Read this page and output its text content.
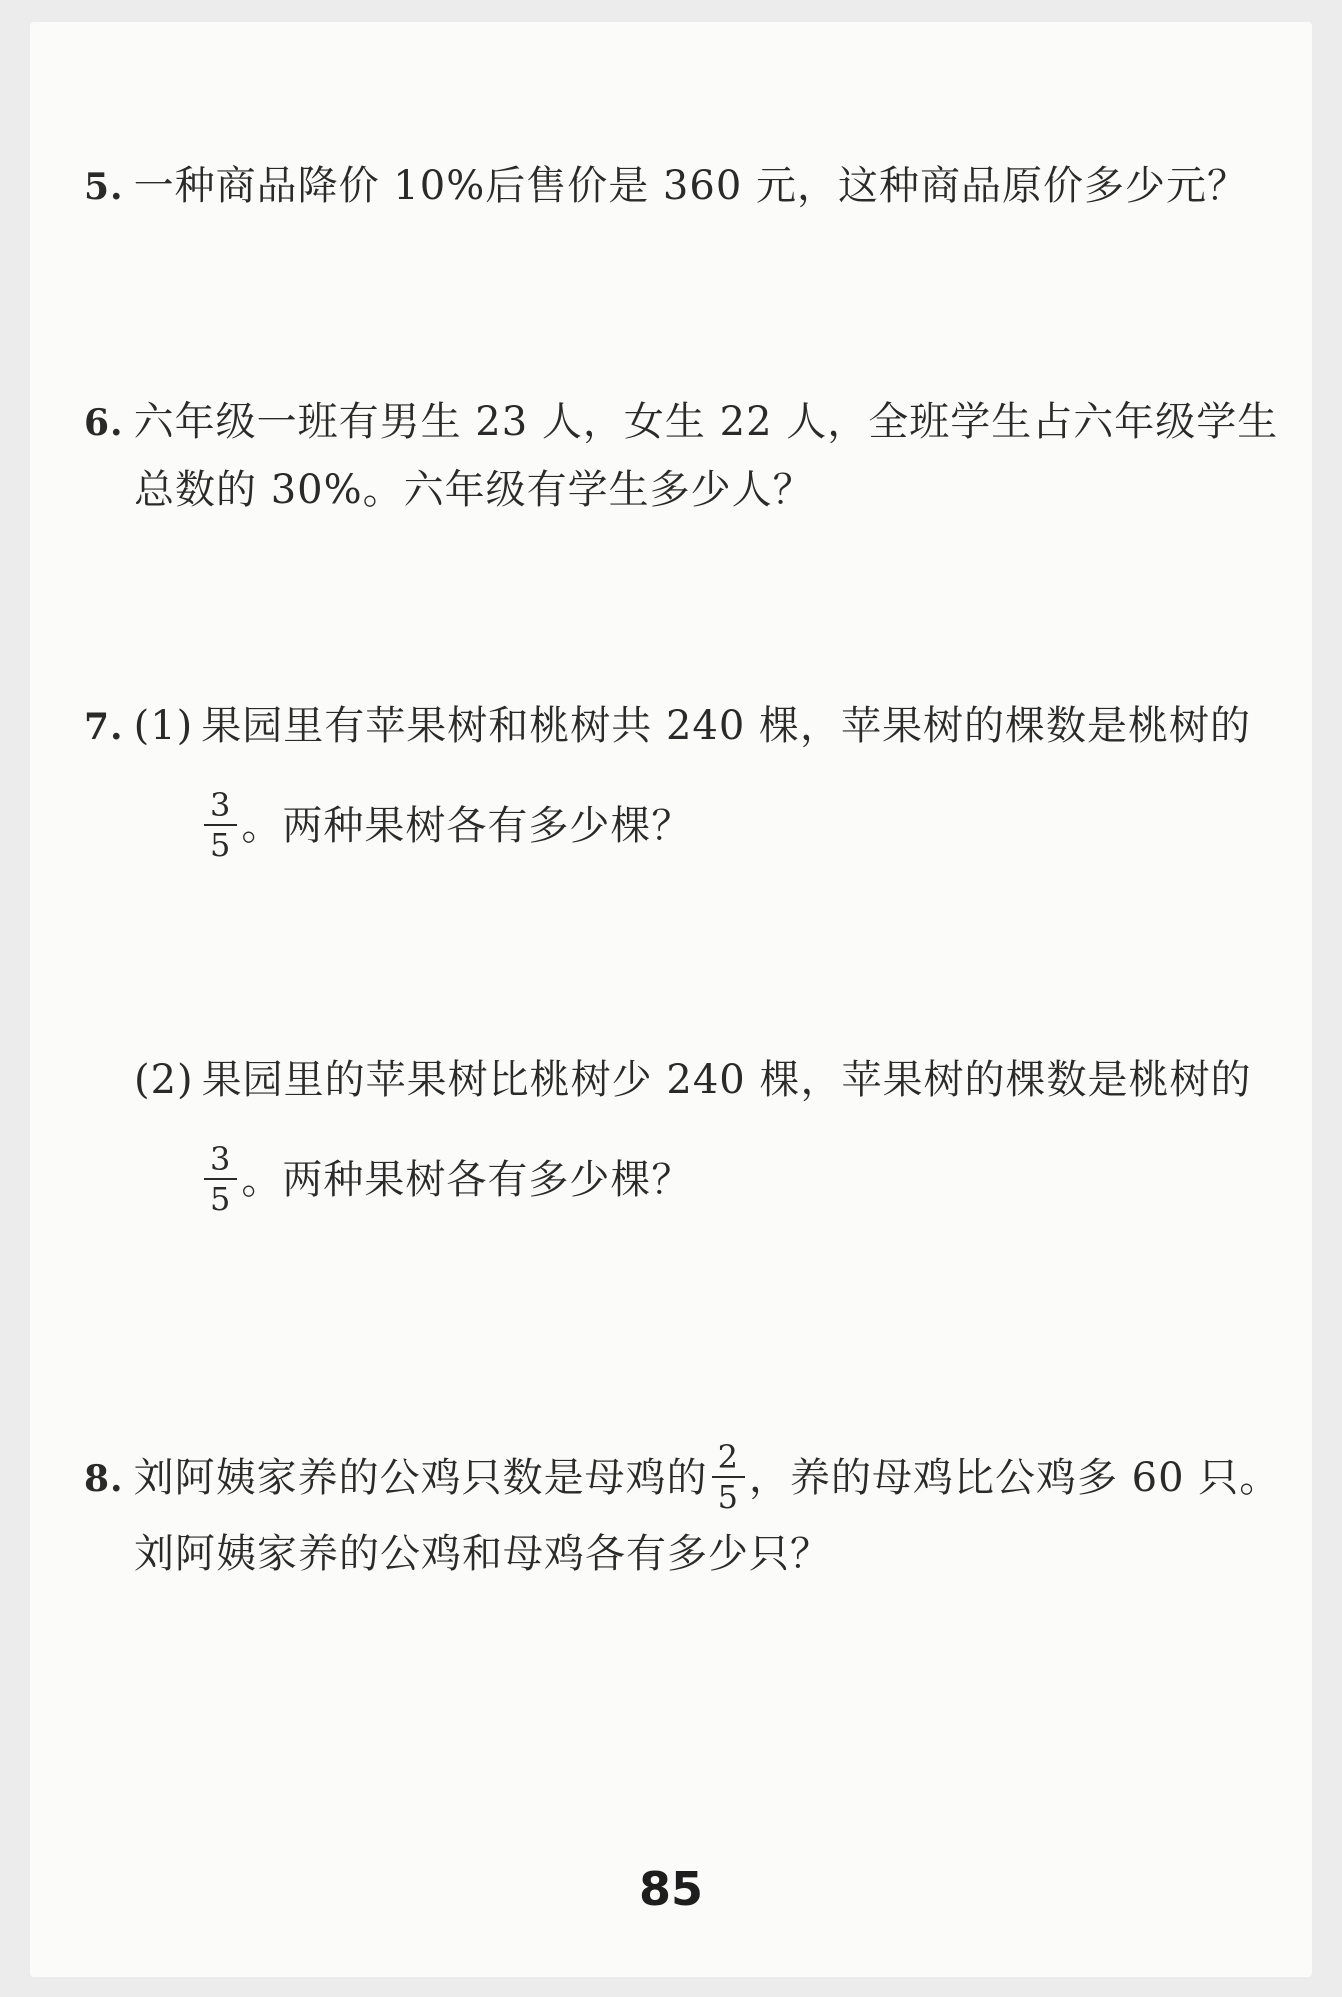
5. 一种商品降价 10%后售价是 360 元，这种商品原价多少元？
6. 六年级一班有男生 23 人，女生 22 人，全班学生占六年级学生
总数的 30%。六年级有学生多少人？
7. (1) 果园里有苹果树和桃树共 240 棵，苹果树的棵数是桃树的
$\frac{3}{5}$ 。两种果树各有多少棵？
(2) 果园里的苹果树比桃树少 240 棵，苹果树的棵数是桃树的
$\frac{3}{5}$ 。两种果树各有多少棵？
8. 刘阿姨家养的公鸡只数是母鸡的 $\frac{2}{5}$ ，养的母鸡比公鸡多 60 只。
刘阿姨家养的公鸡和母鸡各有多少只？
85
